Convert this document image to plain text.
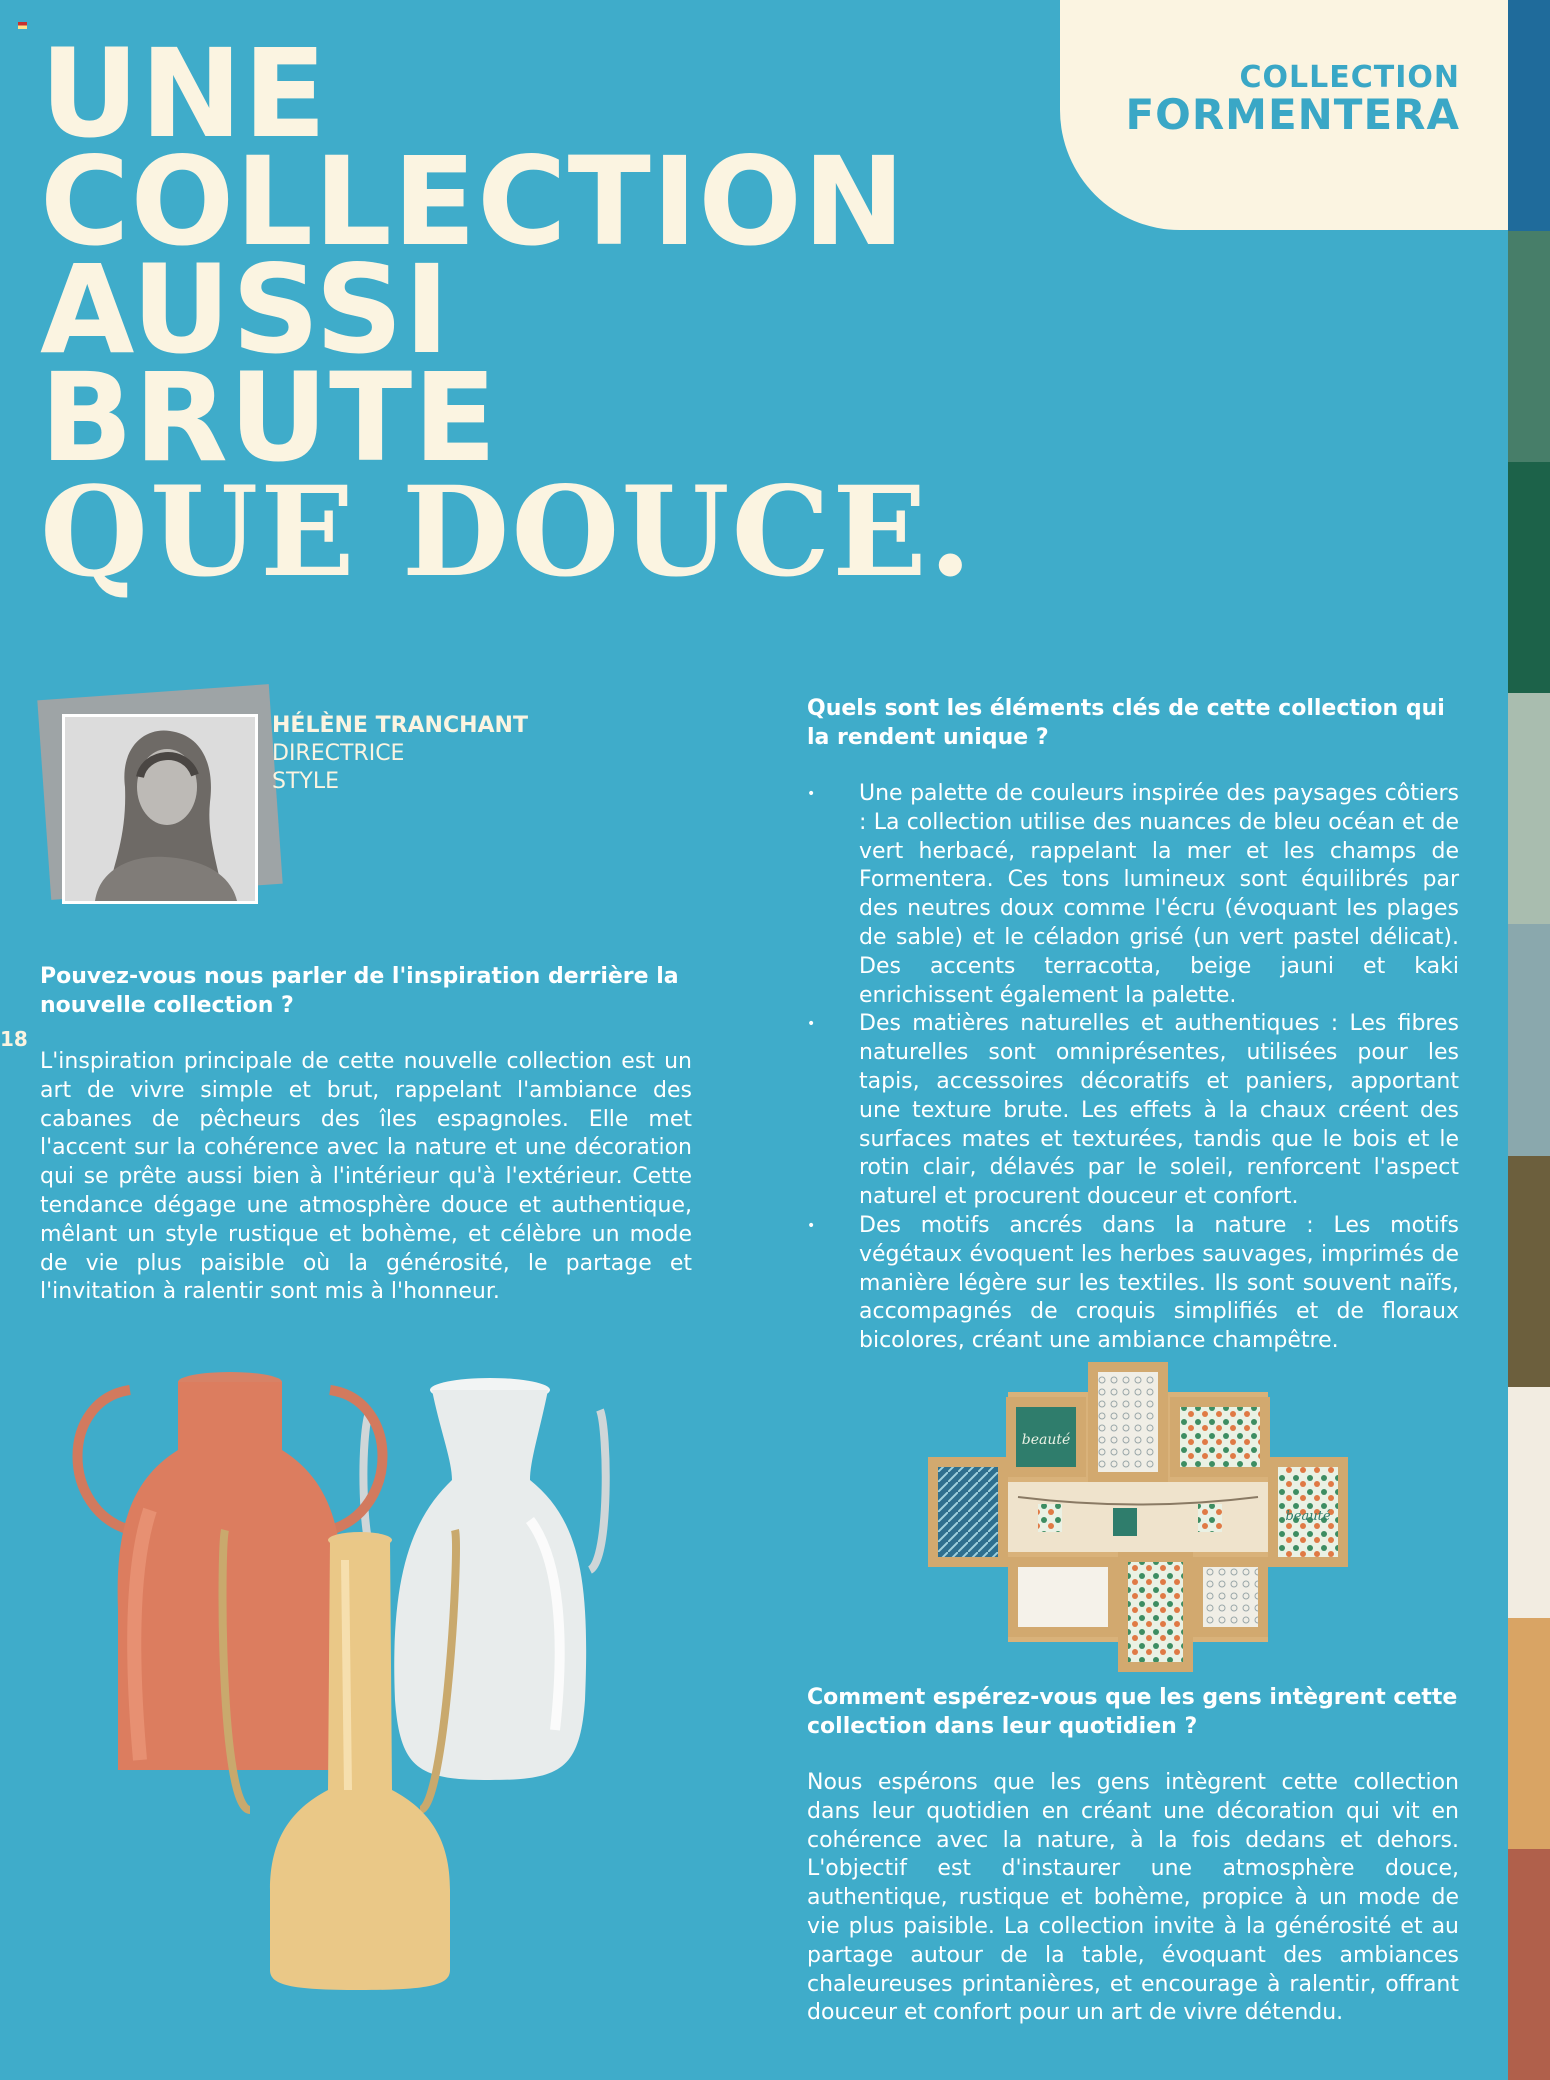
UNE
COLLECTION
AUSSI
BRUTE
QUE DOUCE.
COLLECTION
FORMENTERA
HÉLÈNE TRANCHANT
DIRECTRICE
STYLE
18
Pouvez-vous nous parler de l'inspiration derrière la nouvelle collection ?
L'inspiration principale de cette nouvelle collection est un art de vivre simple et brut, rappelant l'ambiance des cabanes de pêcheurs des îles espagnoles. Elle met l'accent sur la cohérence avec la nature et une décoration qui se prête aussi bien à l'intérieur qu'à l'extérieur. Cette tendance dégage une atmosphère douce et authentique, mêlant un style rustique et bohème, et célèbre un mode de vie plus paisible où la générosité, le partage et l'invitation à ralentir sont mis à l'honneur.
Quels sont les éléments clés de cette collection qui la rendent unique ?
• Une palette de couleurs inspirée des paysages côtiers : La collection utilise des nuances de bleu océan et de vert herbacé, rappelant la mer et les champs de Formentera. Ces tons lumineux sont équilibrés par des neutres doux comme l'écru (évoquant les plages de sable) et le céladon grisé (un vert pastel délicat). Des accents terracotta, beige jauni et kaki enrichissent également la palette.
• Des matières naturelles et authentiques : Les fibres naturelles sont omniprésentes, utilisées pour les tapis, accessoires décoratifs et paniers, apportant une texture brute. Les effets à la chaux créent des surfaces mates et texturées, tandis que le bois et le rotin clair, délavés par le soleil, renforcent l'aspect naturel et procurent douceur et confort.
• Des motifs ancrés dans la nature : Les motifs végétaux évoquent les herbes sauvages, imprimés de manière légère sur les textiles. Ils sont souvent naïfs, accompagnés de croquis simplifiés et de floraux bicolores, créant une ambiance champêtre.
Comment espérez-vous que les gens intègrent cette collection dans leur quotidien ?
Nous espérons que les gens intègrent cette collection dans leur quotidien en créant une décoration qui vit en cohérence avec la nature, à la fois dedans et dehors. L'objectif est d'instaurer une atmosphère douce, authentique, rustique et bohème, propice à un mode de vie plus paisible. La collection invite à la générosité et au partage autour de la table, évoquant des ambiances chaleureuses printanières, et encourage à ralentir, offrant douceur et confort pour un art de vivre détendu.
beauté
beauté
